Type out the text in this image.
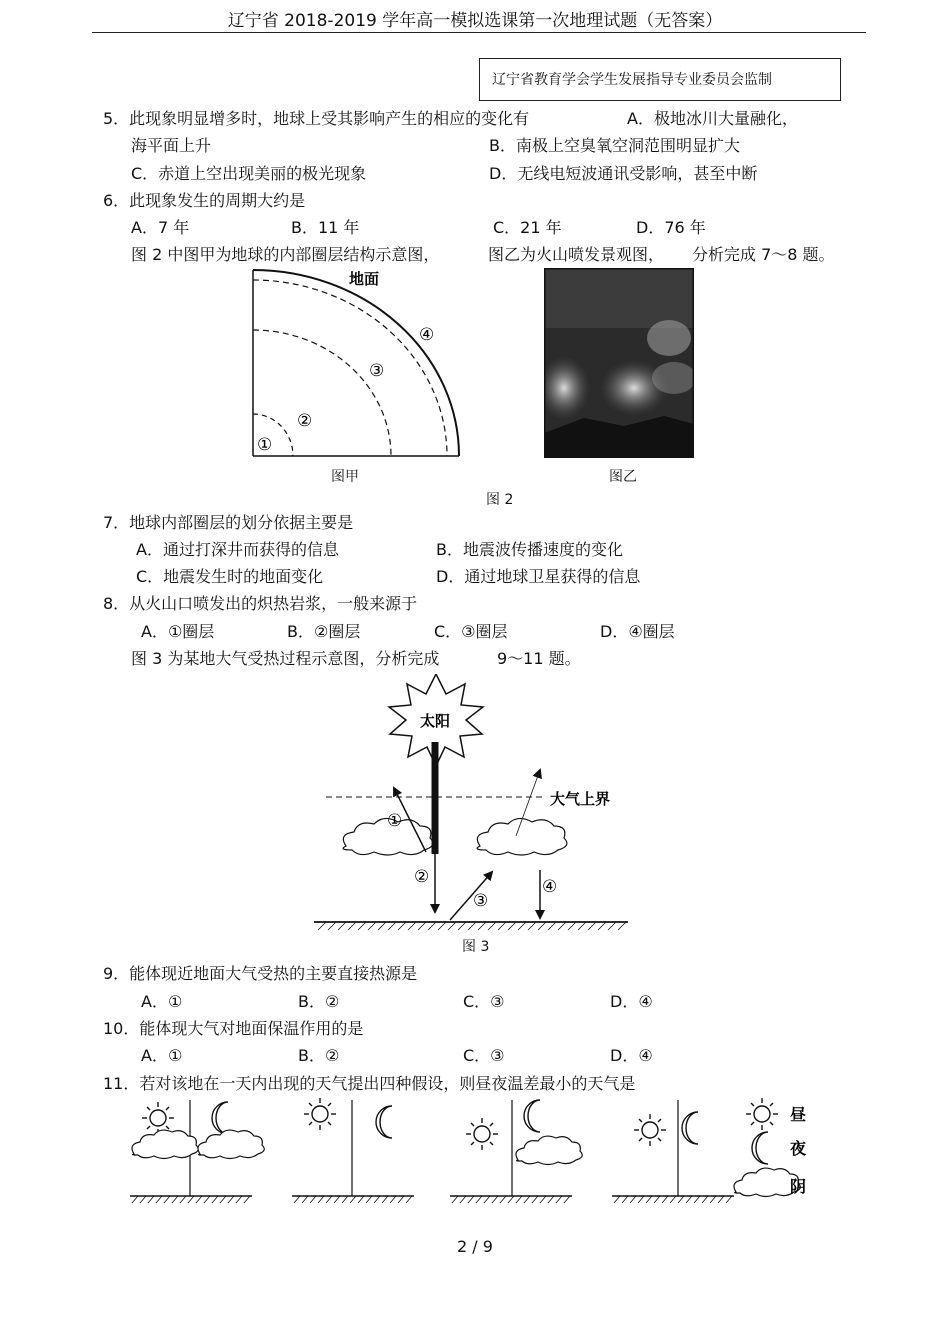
辽宁省 2018-2019 学年高一模拟选课第一次地理试题（无答案）
辽宁省教育学会学生发展指导专业委员会监制
5．此现象明显增多时，地球上受其影响产生的相应的变化有	A．极地冰川大量融化，
海平面上升	B．南极上空臭氧空洞范围明显扩大
C．赤道上空出现美丽的极光现象	D．无线电短波通讯受影响，甚至中断
6．此现象发生的周期大约是
A．7 年	B．11 年	C．21 年	D．76 年
图 2 中图甲为地球的内部圈层结构示意图，	图乙为火山喷发景观图， 分析完成 7～8 题。
地面
④
③
②
①
图甲	图乙
图 2
7．地球内部圈层的划分依据主要是
A．通过打深井而获得的信息	B．地震波传播速度的变化
C．地震发生时的地面变化	D．通过地球卫星获得的信息
8．从火山口喷发出的炽热岩浆，一般来源于
A．①圈层	B．②圈层	C．③圈层	D．④圈层
图 3 为某地大气受热过程示意图，分析完成	9～11 题。
太阳
大气上界
①
②
③
④
图 3
9．能体现近地面大气受热的主要直接热源是
A．①	B．②	C．③	D．④
10．能体现大气对地面保温作用的是
A．①	B．②	C．③	D．④
11．若对该地在一天内出现的天气提出四种假设，则昼夜温差最小的天气是
昼
夜
阴
2 / 9
